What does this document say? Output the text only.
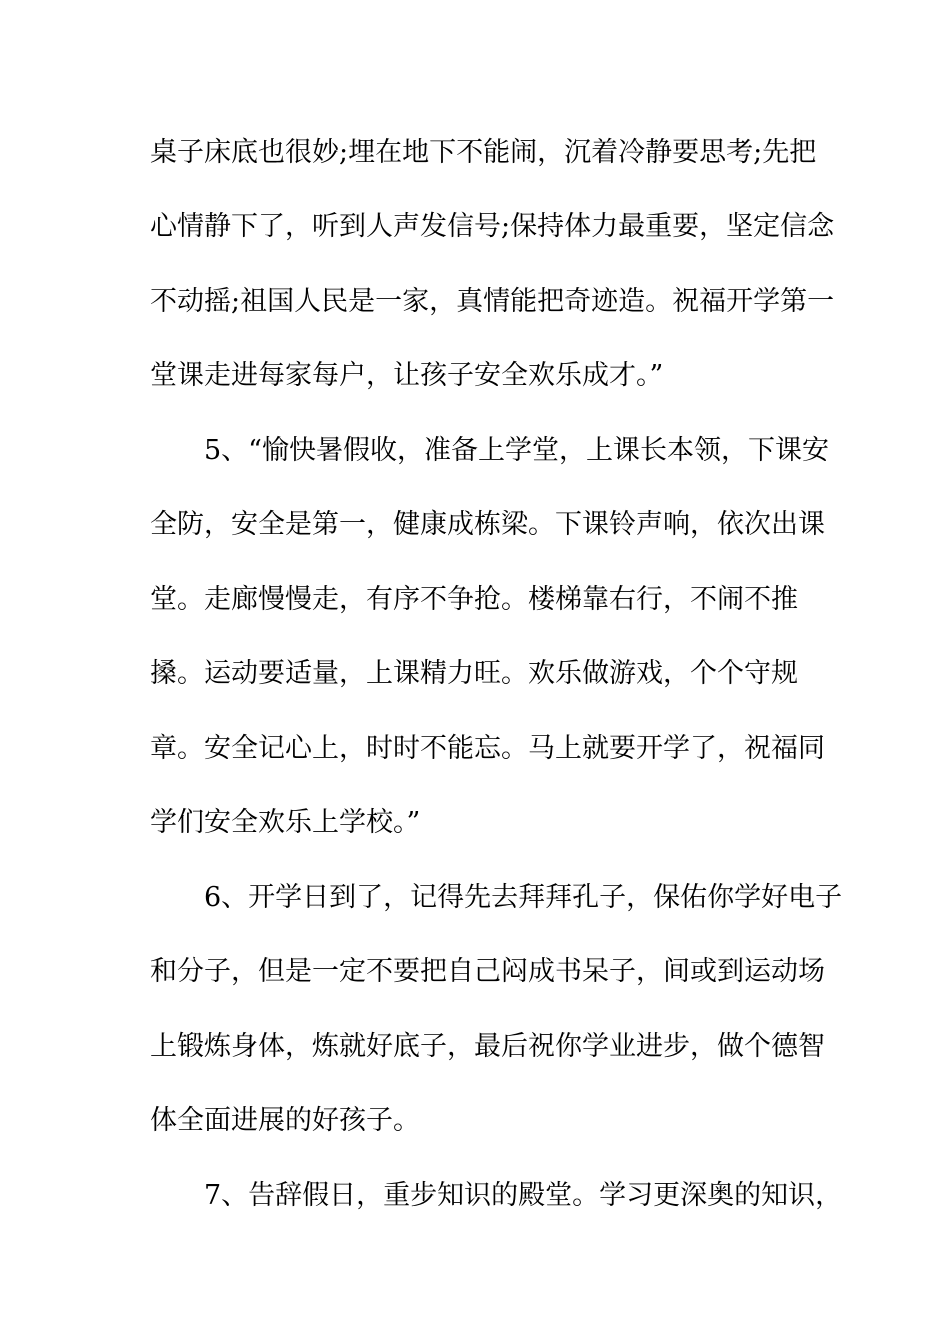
桌子床底也很妙;埋在地下不能闹，沉着冷静要思考;先把
心情静下了，听到人声发信号;保持体力最重要，坚定信念
不动摇;祖国人民是一家，真情能把奇迹造。祝福开学第一
堂课走进每家每户，让孩子安全欢乐成才。”
　　5、“愉快暑假收，准备上学堂，上课长本领，下课安
全防，安全是第一，健康成栋梁。下课铃声响，依次出课
堂。走廊慢慢走，有序不争抢。楼梯靠右行，不闹不推
搡。运动要适量，上课精力旺。欢乐做游戏，个个守规
章。安全记心上，时时不能忘。马上就要开学了，祝福同
学们安全欢乐上学校。”
　　6、开学日到了，记得先去拜拜孔子，保佑你学好电子
和分子，但是一定不要把自己闷成书呆子，间或到运动场
上锻炼身体，炼就好底子，最后祝你学业进步，做个德智
体全面进展的好孩子。
　　7、告辞假日，重步知识的殿堂。学习更深奥的知识，
